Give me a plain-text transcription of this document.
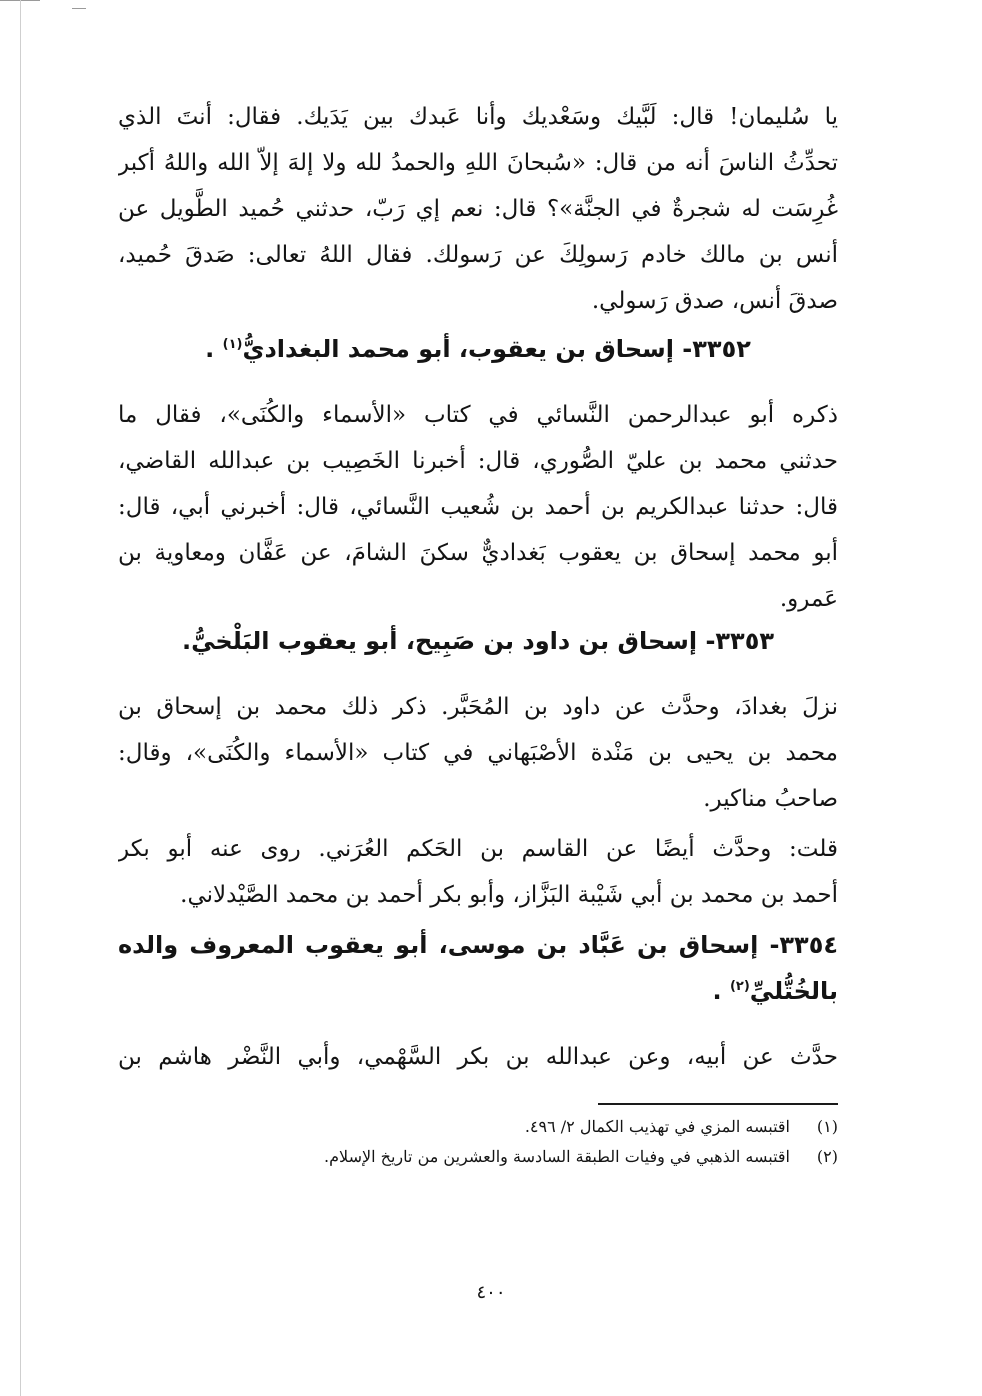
يا سُليمان! قال: لَبَّيك وسَعْديك وأنا عَبدك بين يَدَيك. فقال: أنتَ الذي
تحدِّثُ الناسَ أنه من قال: «سُبحانَ اللهِ والحمدُ لله ولا إلهَ إلاّ الله واللهُ أكبر
غُرِسَت له شجرةٌ في الجنَّة»؟ قال: نعم إي رَبّ، حدثني حُميد الطَّويل عن
أنس بن مالك خادم رَسولِكَ عن رَسولك. فقال اللهُ تعالى: صَدقَ حُميد،
صدقَ أنس، صدق رَسولي.
٣٣٥٢- إسحاق بن يعقوب، أبو محمد البغداديُّ$^{(١)}$ .
ذكره أبو عبدالرحمن النَّسائي في كتاب «الأسماء والكُنَى»، فقال ما
حدثني محمد بن عليّ الصُّوري، قال: أخبرنا الخَصِيب بن عبدالله القاضي،
قال: حدثنا عبدالكريم بن أحمد بن شُعيب النَّسائي، قال: أخبرني أبي، قال:
أبو محمد إسحاق بن يعقوب بَغداديٌّ سكنَ الشامَ، عن عَفَّان ومعاوية بن
عَمرو.
٣٣٥٣- إسحاق بن داود بن صَبِيح، أبو يعقوب البَلْخيُّ.
نزلَ بغدادَ، وحدَّث عن داود بن المُحَبَّر. ذكر ذلك محمد بن إسحاق بن
محمد بن يحيى بن مَنْدة الأصْبَهاني في كتاب «الأسماء والكُنَى»، وقال:
صاحبُ مناكير.
قلت: وحدَّث أيضًا عن القاسم بن الحَكم العُرَني. روى عنه أبو بكر
أحمد بن محمد بن أبي شَيْبة البَزَّاز، وأبو بكر أحمد بن محمد الصَّيْدلاني.
٣٣٥٤- إسحاق بن عَبَّاد بن موسى، أبو يعقوب المعروف والده
بالخُتُّليِّ$^{(٢)}$ .
حدَّث عن أبيه، وعن عبدالله بن بكر السَّهْمي، وأبي النَّضْر هاشم بن
(١)اقتبسه المزي في تهذيب الكمال ٢/ ٤٩٦.
(٢)اقتبسه الذهبي في وفيات الطبقة السادسة والعشرين من تاريخ الإسلام.
٤٠٠
